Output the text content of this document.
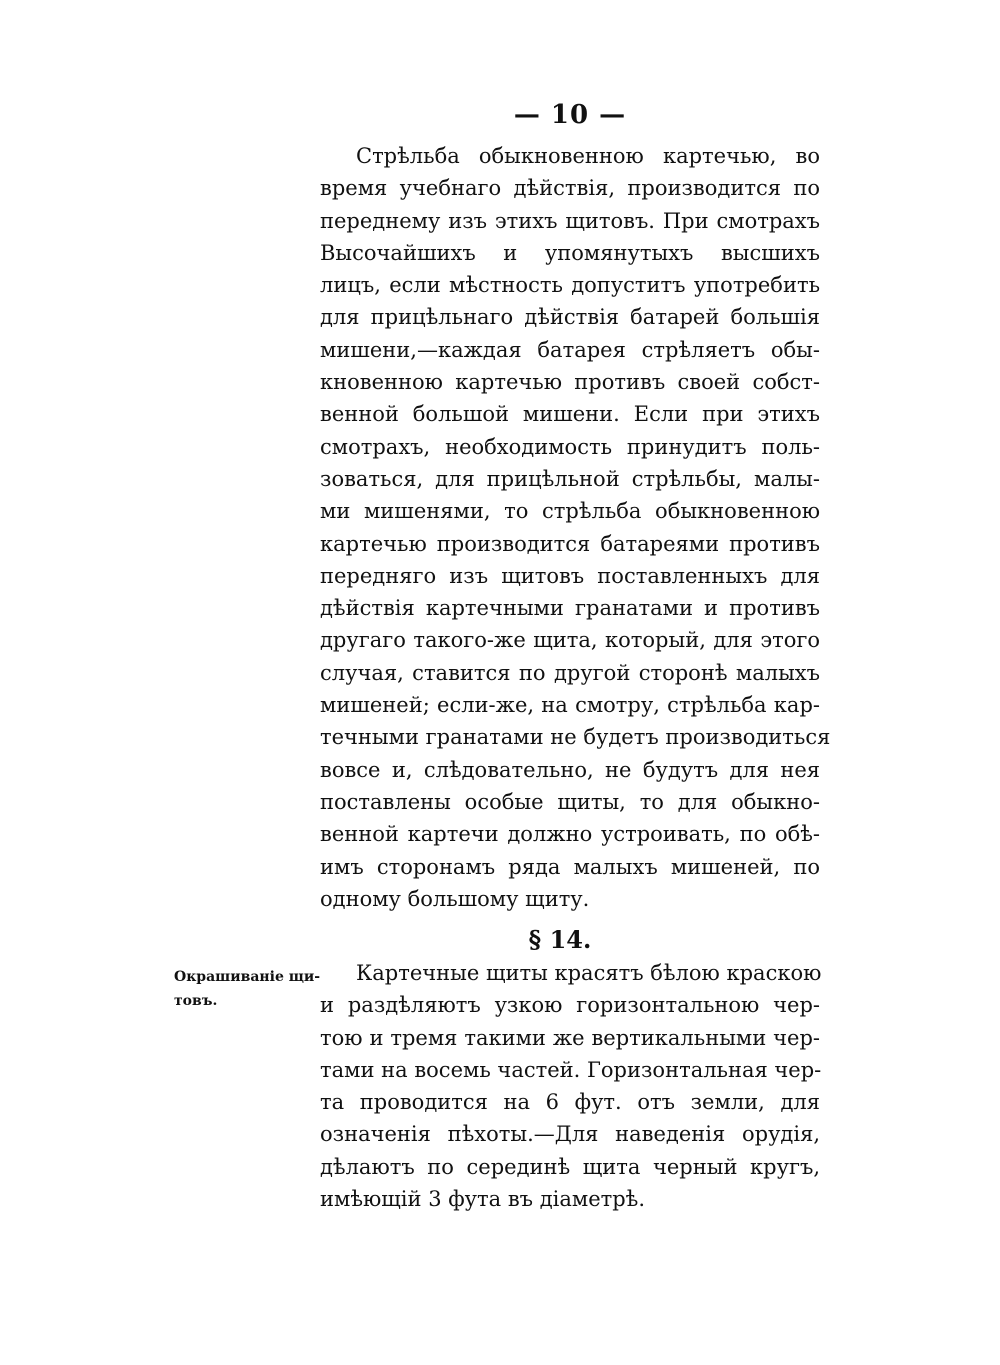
— 10 —
Стрѣльба обыкновенною картечью, во
время учебнаго дѣйствія, производится по
переднему изъ этихъ щитовъ. При смотрахъ
Высочайшихъ и упомянутыхъ высшихъ
лицъ, если мѣстность допуститъ употребить
для прицѣльнаго дѣйствія батарей большія
мишени,—каждая батарея стрѣляетъ обы-
кновенною картечью противъ своей собст-
венной большой мишени. Если при этихъ
смотрахъ, необходимость принудитъ поль-
зоваться, для прицѣльной стрѣльбы, малы-
ми мишенями, то стрѣльба обыкновенною
картечью производится батареями противъ
передняго изъ щитовъ поставленныхъ для
дѣйствія картечными гранатами и противъ
другаго такого-же щита, который, для этого
случая, ставится по другой сторонѣ малыхъ
мишеней; если-же, на смотру, стрѣльба кар-
течными гранатами не будетъ производиться
вовсе и, слѣдовательно, не будутъ для нея
поставлены особые щиты, то для обыкно-
венной картечи должно устроивать, по обѣ-
имъ сторонамъ ряда малыхъ мишеней, по
одному большому щиту.
§ 14.
Окрашиваніе щи-
товъ.
Картечные щиты красятъ бѣлою краскою
и раздѣляютъ узкою горизонтальною чер-
тою и тремя такими же вертикальными чер-
тами на восемь частей. Горизонтальная чер-
та проводится на 6 фут. отъ земли, для
означенія пѣхоты.—Для наведенія орудія,
дѣлаютъ по серединѣ щита черный кругъ,
имѣющій 3 фута въ діаметрѣ.
